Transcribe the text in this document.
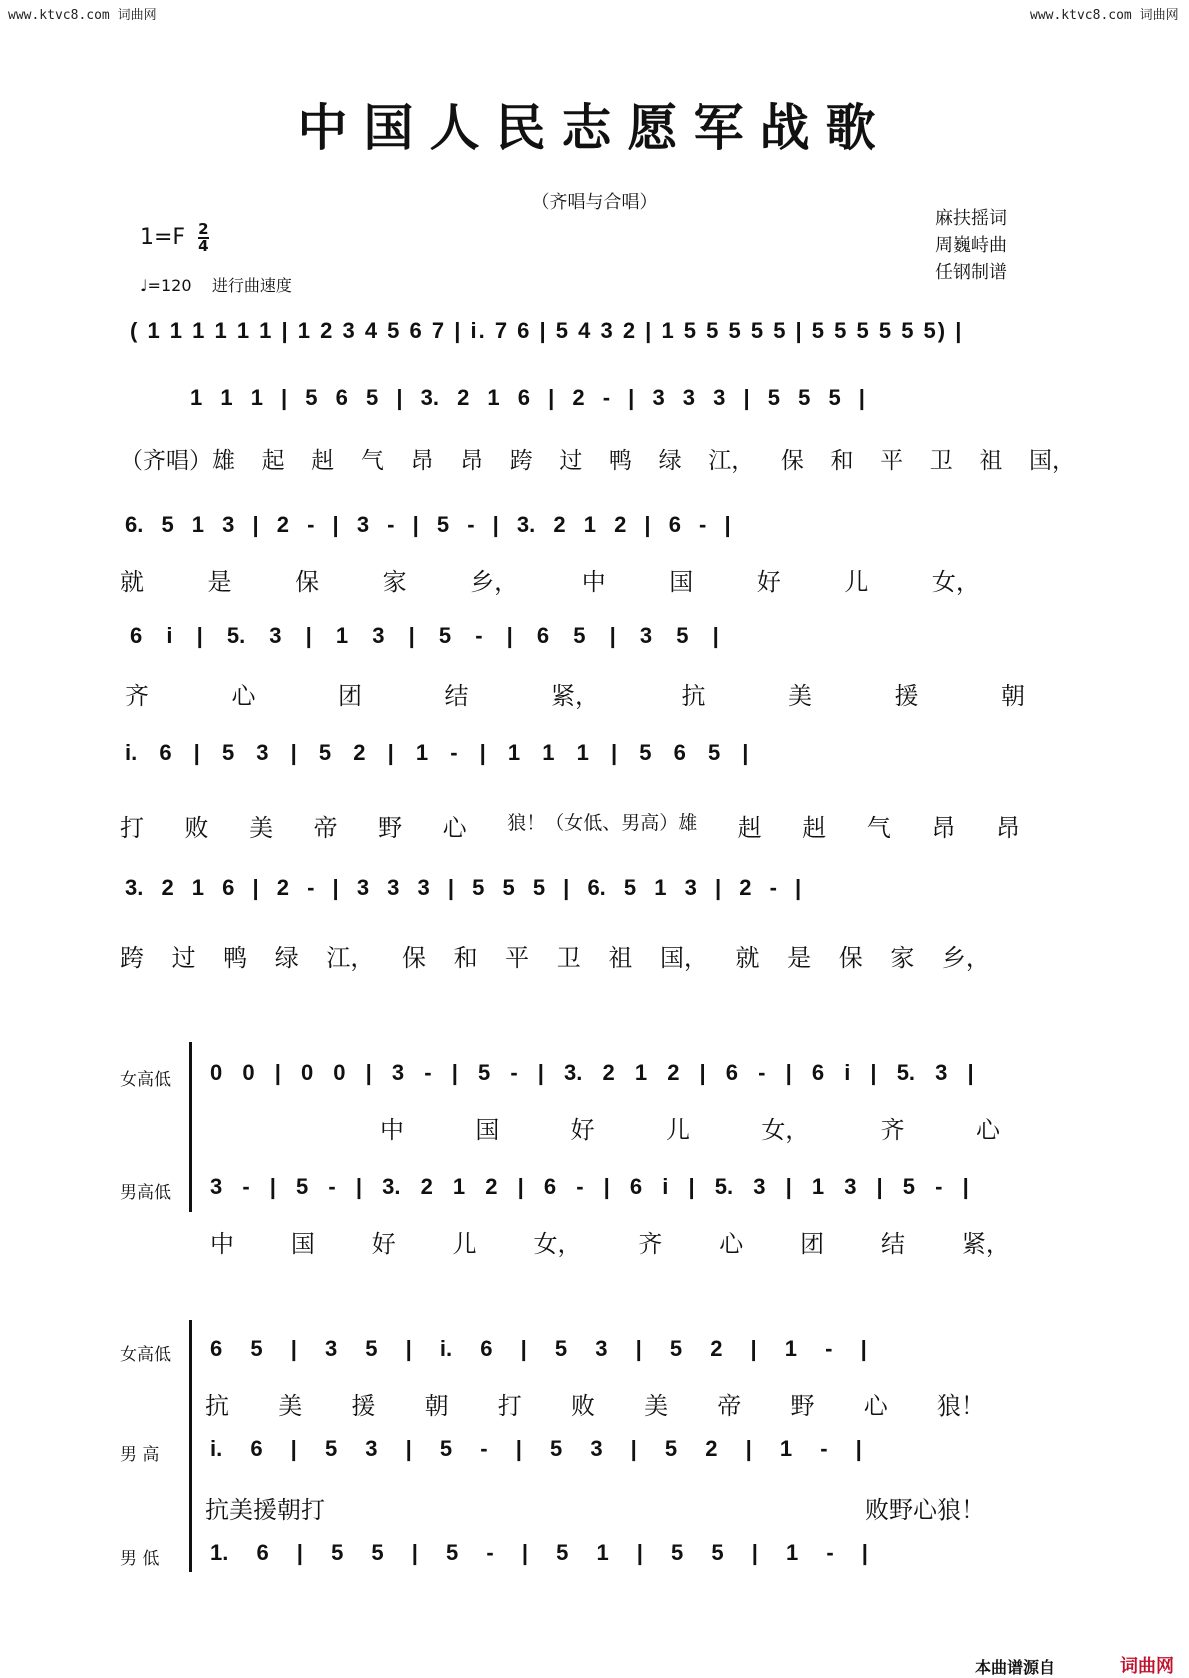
www.ktvc8.com 词曲网	www.ktvc8.com 词曲网
中国人民志愿军战歌
（齐唱与合唱）
麻扶摇词
周巍峙曲
任钢制谱
$1=F \frac{2}{4}$
♩=120 进行曲速度
( 1 1 1 1 1 1 | 1 2 3 4 5 6 7 | i. 7 6 | 5 4 3 2 | 1 5 5 5 5 5 | 5 5 5 5 5 5) |
1 1 1 | 5 6 5 | 3. 2 1 6 | 2 - | 3 3 3 | 5 5 5 |
（齐唱）雄 起 赳 气 昂 昂 跨 过 鸭 绿 江， 保 和 平 卫 祖 国，
6. 5 1 3 | 2 - | 3 - | 5 - | 3. 2 1 2 | 6 - |
就	是	保	家	乡，	中	国	好	儿	女，
6 i | 5. 3 | 1 3 | 5 - | 6 5 | 3 5 |
齐	心	团	结	紧，	抗	美	援	朝
i. 6 | 5 3 | 5 2 | 1 - | 1 1 1 | 5 6 5 |
打 败 美 帝 野 心 狼！（女低、男高）雄 赳 赳 气 昂 昂
3. 2 1 6 | 2 - | 3 3 3 | 5 5 5 | 6. 5 1 3 | 2 - |
跨 过 鸭 绿 江， 保 和 平 卫 祖 国， 就 是 保 家 乡，
女高低 0 0 | 0 0 | 3 - | 5 - | 3. 2 1 2 | 6 - | 6 i | 5. 3 |
中	国	好	儿	女，	齐	心
男高低 3 - | 5 - | 3. 2 1 2 | 6 - | 6 i | 5. 3 | 1 3 | 5 - |
中 国 好 儿 女， 齐 心 团 结 紧，
女高低 6 5 | 3 5 | i. 6 | 5 3 | 5 2 | 1 - |
抗 美 援 朝 打 败 美 帝 野 心 狼！
男 高 i. 6 | 5 3 | 5 - | 5 3 | 5 2 | 1 - |
抗 美 援 朝 打	败 野 心 狼！
男 低 1. 6 | 5 5 | 5 - | 5 1 | 5 5 | 1 - |
本曲谱源自	词曲网
